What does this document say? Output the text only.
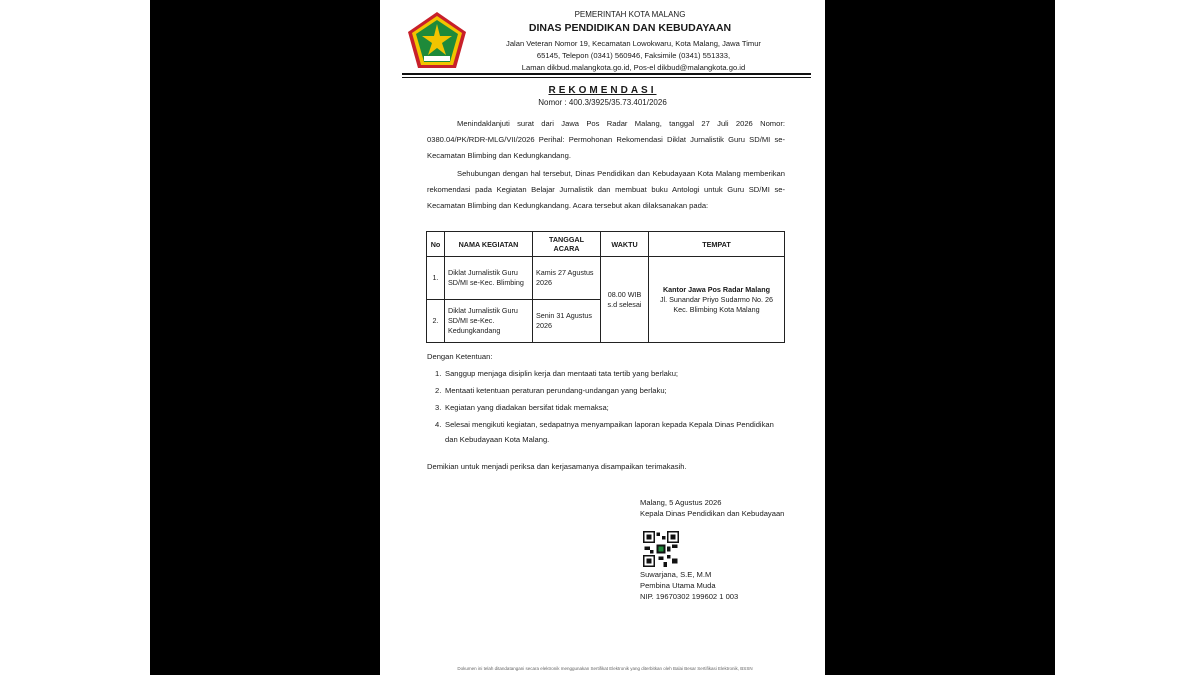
PEMERINTAH KOTA MALANG
DINAS PENDIDIKAN DAN KEBUDAYAAN
Jalan Veteran Nomor 19, Kecamatan Lowokwaru, Kota Malang, Jawa Timur
65145, Telepon (0341) 560946, Faksimile (0341) 551333,
Laman dikbud.malangkota.go.id, Pos-el dikbud@malangkota.go.id
REKOMENDASI
Nomor : 400.3/3925/35.73.401/2026
Menindaklanjuti surat dari Jawa Pos Radar Malang, tanggal 27 Juli 2026 Nomor: 0380.04/PK/RDR-MLG/VII/2026 Perihal: Permohonan Rekomendasi Diklat Jurnalistik Guru SD/MI se-Kecamatan Blimbing dan Kedungkandang.
Sehubungan dengan hal tersebut, Dinas Pendidikan dan Kebudayaan Kota Malang memberikan rekomendasi pada Kegiatan Belajar Jurnalistik dan membuat buku Antologi untuk Guru SD/MI se-Kecamatan Blimbing dan Kedungkandang. Acara tersebut akan dilaksanakan pada:
No	NAMA KEGIATAN	TANGGAL ACARA	WAKTU	TEMPAT
1.	Diklat Jurnalistik Guru SD/MI se-Kec. Blimbing	Kamis 27 Agustus 2026	08.00 WIB s.d selesai	Kantor Jawa Pos Radar Malang
Jl. Sunandar Priyo Sudarmo No. 26 Kec. Blimbing Kota Malang

2.	Diklat Jurnalistik Guru SD/MI se-Kec. Kedungkandang	Senin 31 Agustus 2026		
Dengan Ketentuan:
1. Sanggup menjaga disiplin kerja dan mentaati tata tertib yang berlaku;
2. Mentaati ketentuan peraturan perundang-undangan yang berlaku;
3. Kegiatan yang diadakan bersifat tidak memaksa;
4. Selesai mengikuti kegiatan, sedapatnya menyampaikan laporan kepada Kepala Dinas Pendidikan dan Kebudayaan Kota Malang.
Demikian untuk menjadi periksa dan kerjasamanya disampaikan terimakasih.
Malang, 5 Agustus 2026
Kepala Dinas Pendidikan dan Kebudayaan
Suwarjana, S.E, M.M
Pembina Utama Muda
NIP. 19670302 199602 1 003
Dokumen ini telah ditandatangani secara elektronik menggunakan Sertifikat Elektronik yang diterbitkan oleh Balai Besar Sertifikasi Elektronik, BSSN
